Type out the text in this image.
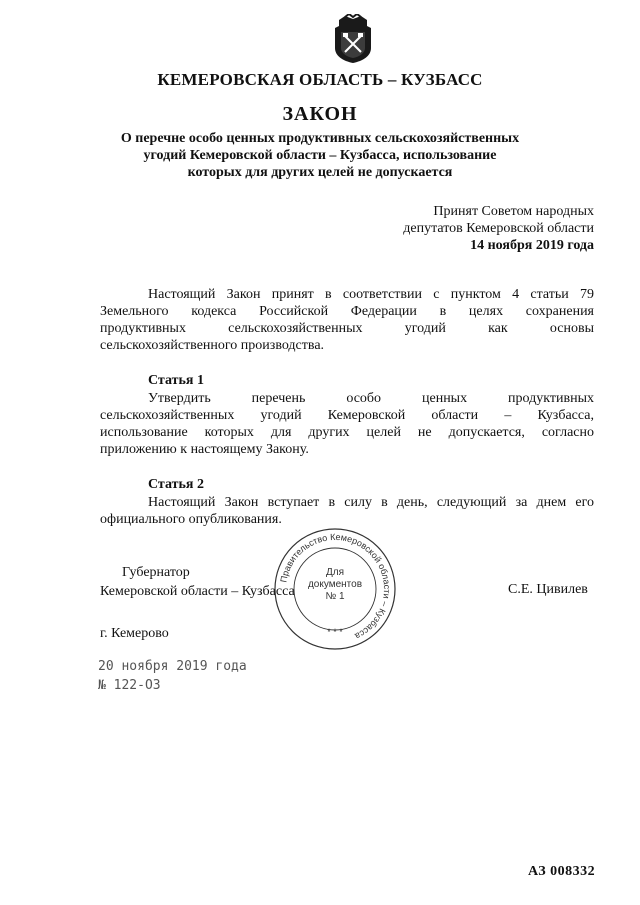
КЕМЕРОВСКАЯ ОБЛАСТЬ – КУЗБАСС
ЗАКОН
О перечне особо ценных продуктивных сельскохозяйственных
угодий Кемеровской области – Кузбасса, использование
которых для других целей не допускается
Принят Советом народных
депутатов Кемеровской области
14 ноября 2019 года
Настоящий Закон принят в соответствии с пунктом 4 статьи 79
Земельного кодекса Российской Федерации в целях сохранения
продуктивных сельскохозяйственных угодий как основы
сельскохозяйственного производства.
Статья 1
Утвердить перечень особо ценных продуктивных
сельскохозяйственных угодий Кемеровской области – Кузбасса,
использование которых для других целей не допускается, согласно
приложению к настоящему Закону.
Статья 2
Настоящий Закон вступает в силу в день, следующий за днем его
официального опубликования.
Губернатор
Кемеровской области – Кузбасса	С.Е. Цивилев
Правительство Кемеровской области – Кузбасса
* * *
Для
документов
№ 1
г. Кемерово
20 ноября 2019 года
№ 122-ОЗ
АЗ 008332
